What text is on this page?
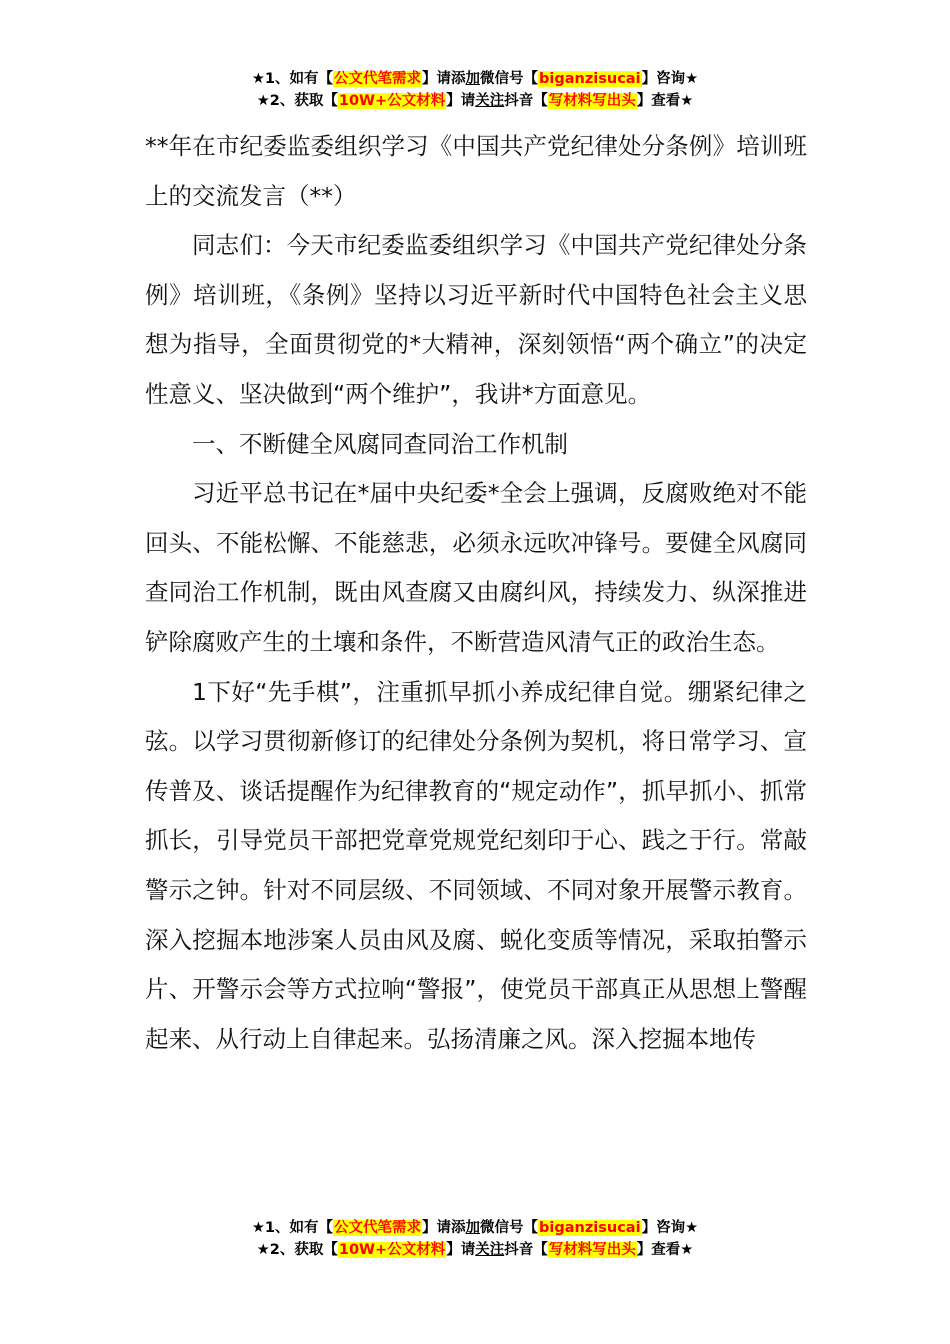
★1、如有【公文代笔需求】请添加微信号【biganzisucai】咨询★
★2、获取【10W+公文材料】请关注抖音【写材料写出头】查看★

**年在市纪委监委组织学习《中国共产党纪律处分条例》培训班上的交流发言（**）

同志们：今天市纪委监委组织学习《中国共产党纪律处分条例》培训班，《条例》坚持以习近平新时代中国特色社会主义思想为指导，全面贯彻党的*大精神，深刻领悟“两个确立”的决定性意义、坚决做到“两个维护”，我讲*方面意见。

一、不断健全风腐同查同治工作机制

习近平总书记在*届中央纪委*全会上强调，反腐败绝对不能回头、不能松懈、不能慈悲，必须永远吹冲锋号。要健全风腐同查同治工作机制，既由风查腐又由腐纠风，持续发力、纵深推进铲除腐败产生的土壤和条件，不断营造风清气正的政治生态。

1下好“先手棋”，注重抓早抓小养成纪律自觉。绷紧纪律之弦。以学习贯彻新修订的纪律处分条例为契机，将日常学习、宣传普及、谈话提醒作为纪律教育的“规定动作”，抓早抓小、抓常抓长，引导党员干部把党章党规党纪刻印于心、践之于行。常敲警示之钟。针对不同层级、不同领域、不同对象开展警示教育。深入挖掘本地涉案人员由风及腐、蜕化变质等情况，采取拍警示片、开警示会等方式拉响“警报”，使党员干部真正从思想上警醒起来、从行动上自律起来。弘扬清廉之风。深入挖掘本地传

★1、如有【公文代笔需求】请添加微信号【biganzisucai】咨询★
★2、获取【10W+公文材料】请关注抖音【写材料写出头】查看★
